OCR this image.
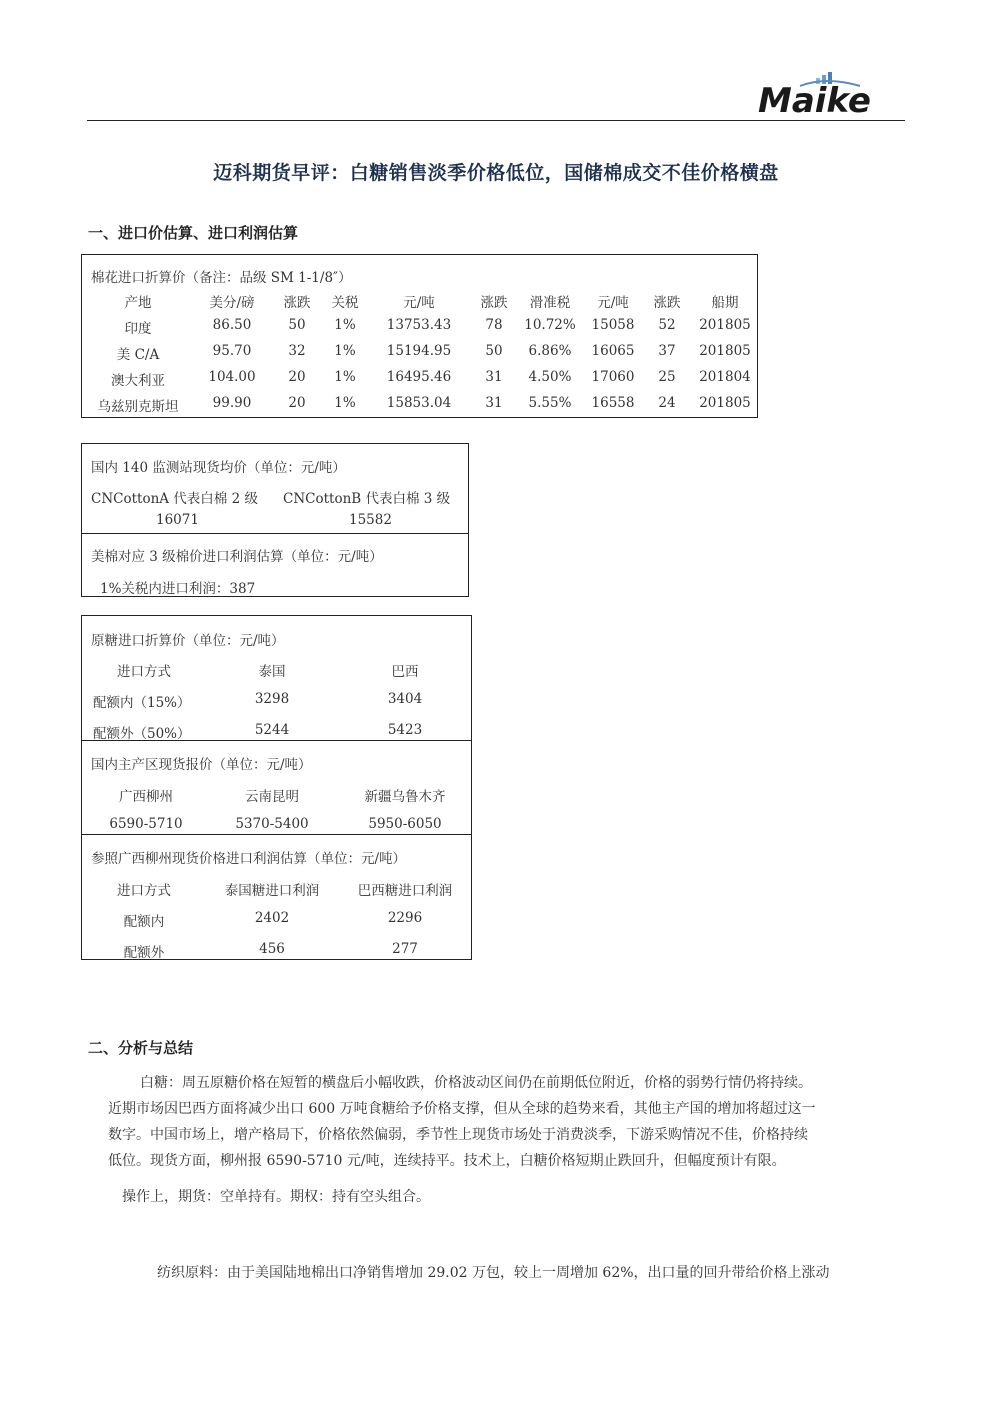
Maike
迈科期货早评：白糖销售淡季价格低位，国储棉成交不佳价格横盘
一、进口价估算、进口利润估算
棉花进口折算价（备注：品级 SM 1-1/8″）
产地	美分/磅	涨跌	关税	元/吨	涨跌	滑准税	元/吨	涨跌	船期
印度	86.50	50	1%	13753.43	78	10.72%	15058	52	201805
美 C/A	95.70	32	1%	15194.95	50	6.86%	16065	37	201805
澳大利亚	104.00	20	1%	16495.46	31	4.50%	17060	25	201804
乌兹别克斯坦	99.90	20	1%	15853.04	31	5.55%	16558	24	201805
国内 140 监测站现货均价（单位：元/吨）
CNCottonA 代表白棉 2 级 CNCottonB 代表白棉 3 级
16071	15582
美棉对应 3 级棉价进口利润估算（单位：元/吨）
1%关税内进口利润：387
原糖进口折算价（单位：元/吨）
进口方式	泰国	巴西
配额内（15%）	3298	3404
配额外（50%）	5244	5423
国内主产区现货报价（单位：元/吨）
广西柳州	云南昆明	新疆乌鲁木齐
6590-5710	5370-5400	5950-6050
参照广西柳州现货价格进口利润估算（单位：元/吨）
进口方式	泰国糖进口利润	巴西糖进口利润
配额内	2402	2296
配额外	456	277
二、分析与总结
白糖：周五原糖价格在短暂的横盘后小幅收跌，价格波动区间仍在前期低位附近，价格的弱势行情仍将持续。
近期市场因巴西方面将减少出口 600 万吨食糖给予价格支撑，但从全球的趋势来看，其他主产国的增加将超过这一
数字。中国市场上，增产格局下，价格依然偏弱，季节性上现货市场处于消费淡季，下游采购情况不佳，价格持续
低位。现货方面，柳州报 6590-5710 元/吨，连续持平。技术上，白糖价格短期止跌回升，但幅度预计有限。
操作上，期货：空单持有。期权：持有空头组合。
纺织原料：由于美国陆地棉出口净销售增加 29.02 万包，较上一周增加 62%，出口量的回升带给价格上涨动
